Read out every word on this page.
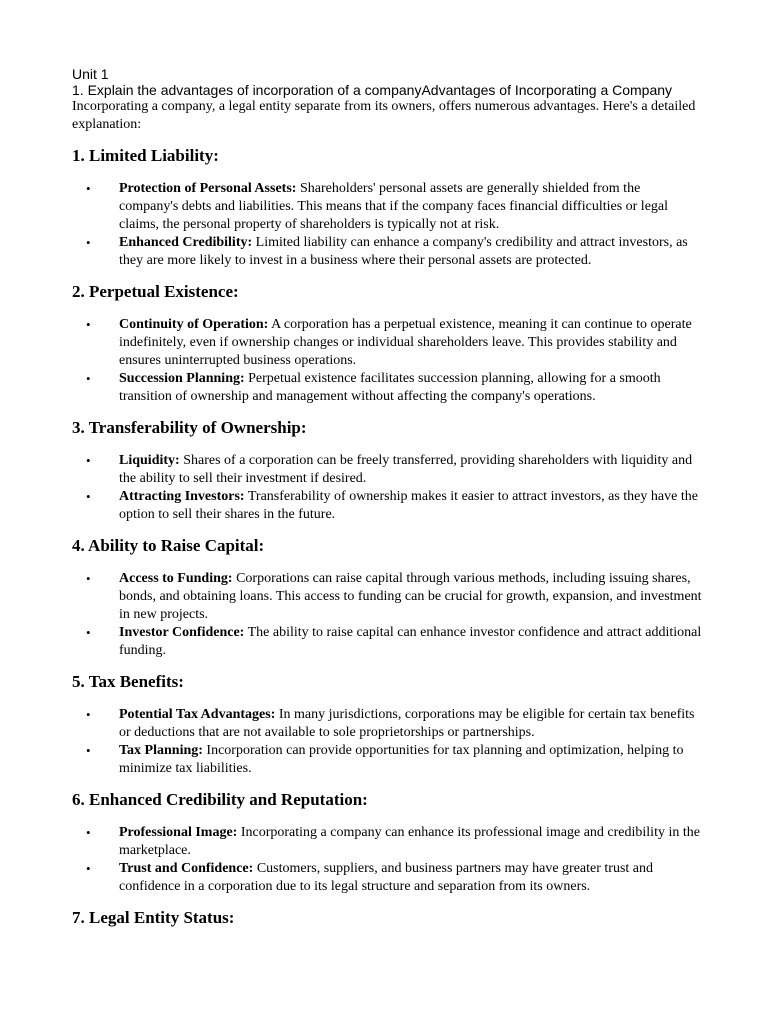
Unit 1

1. Explain the advantages of incorporation of a companyAdvantages of Incorporating a Company

Incorporating a company, a legal entity separate from its owners, offers numerous advantages. Here's a detailed explanation:

1. Limited Liability:
• Protection of Personal Assets: Shareholders' personal assets are generally shielded from the company's debts and liabilities. This means that if the company faces financial difficulties or legal claims, the personal property of shareholders is typically not at risk.
• Enhanced Credibility: Limited liability can enhance a company's credibility and attract investors, as they are more likely to invest in a business where their personal assets are protected.
2. Perpetual Existence:
• Continuity of Operation: A corporation has a perpetual existence, meaning it can continue to operate indefinitely, even if ownership changes or individual shareholders leave. This provides stability and ensures uninterrupted business operations.
• Succession Planning: Perpetual existence facilitates succession planning, allowing for a smooth transition of ownership and management without affecting the company's operations.
3. Transferability of Ownership:
• Liquidity: Shares of a corporation can be freely transferred, providing shareholders with liquidity and the ability to sell their investment if desired.
• Attracting Investors: Transferability of ownership makes it easier to attract investors, as they have the option to sell their shares in the future.
4. Ability to Raise Capital:
• Access to Funding: Corporations can raise capital through various methods, including issuing shares, bonds, and obtaining loans. This access to funding can be crucial for growth, expansion, and investment in new projects.
• Investor Confidence: The ability to raise capital can enhance investor confidence and attract additional funding.
5. Tax Benefits:
• Potential Tax Advantages: In many jurisdictions, corporations may be eligible for certain tax benefits or deductions that are not available to sole proprietorships or partnerships.
• Tax Planning: Incorporation can provide opportunities for tax planning and optimization, helping to minimize tax liabilities.
6. Enhanced Credibility and Reputation:
• Professional Image: Incorporating a company can enhance its professional image and credibility in the marketplace.
• Trust and Confidence: Customers, suppliers, and business partners may have greater trust and confidence in a corporation due to its legal structure and separation from its owners.
7. Legal Entity Status:
